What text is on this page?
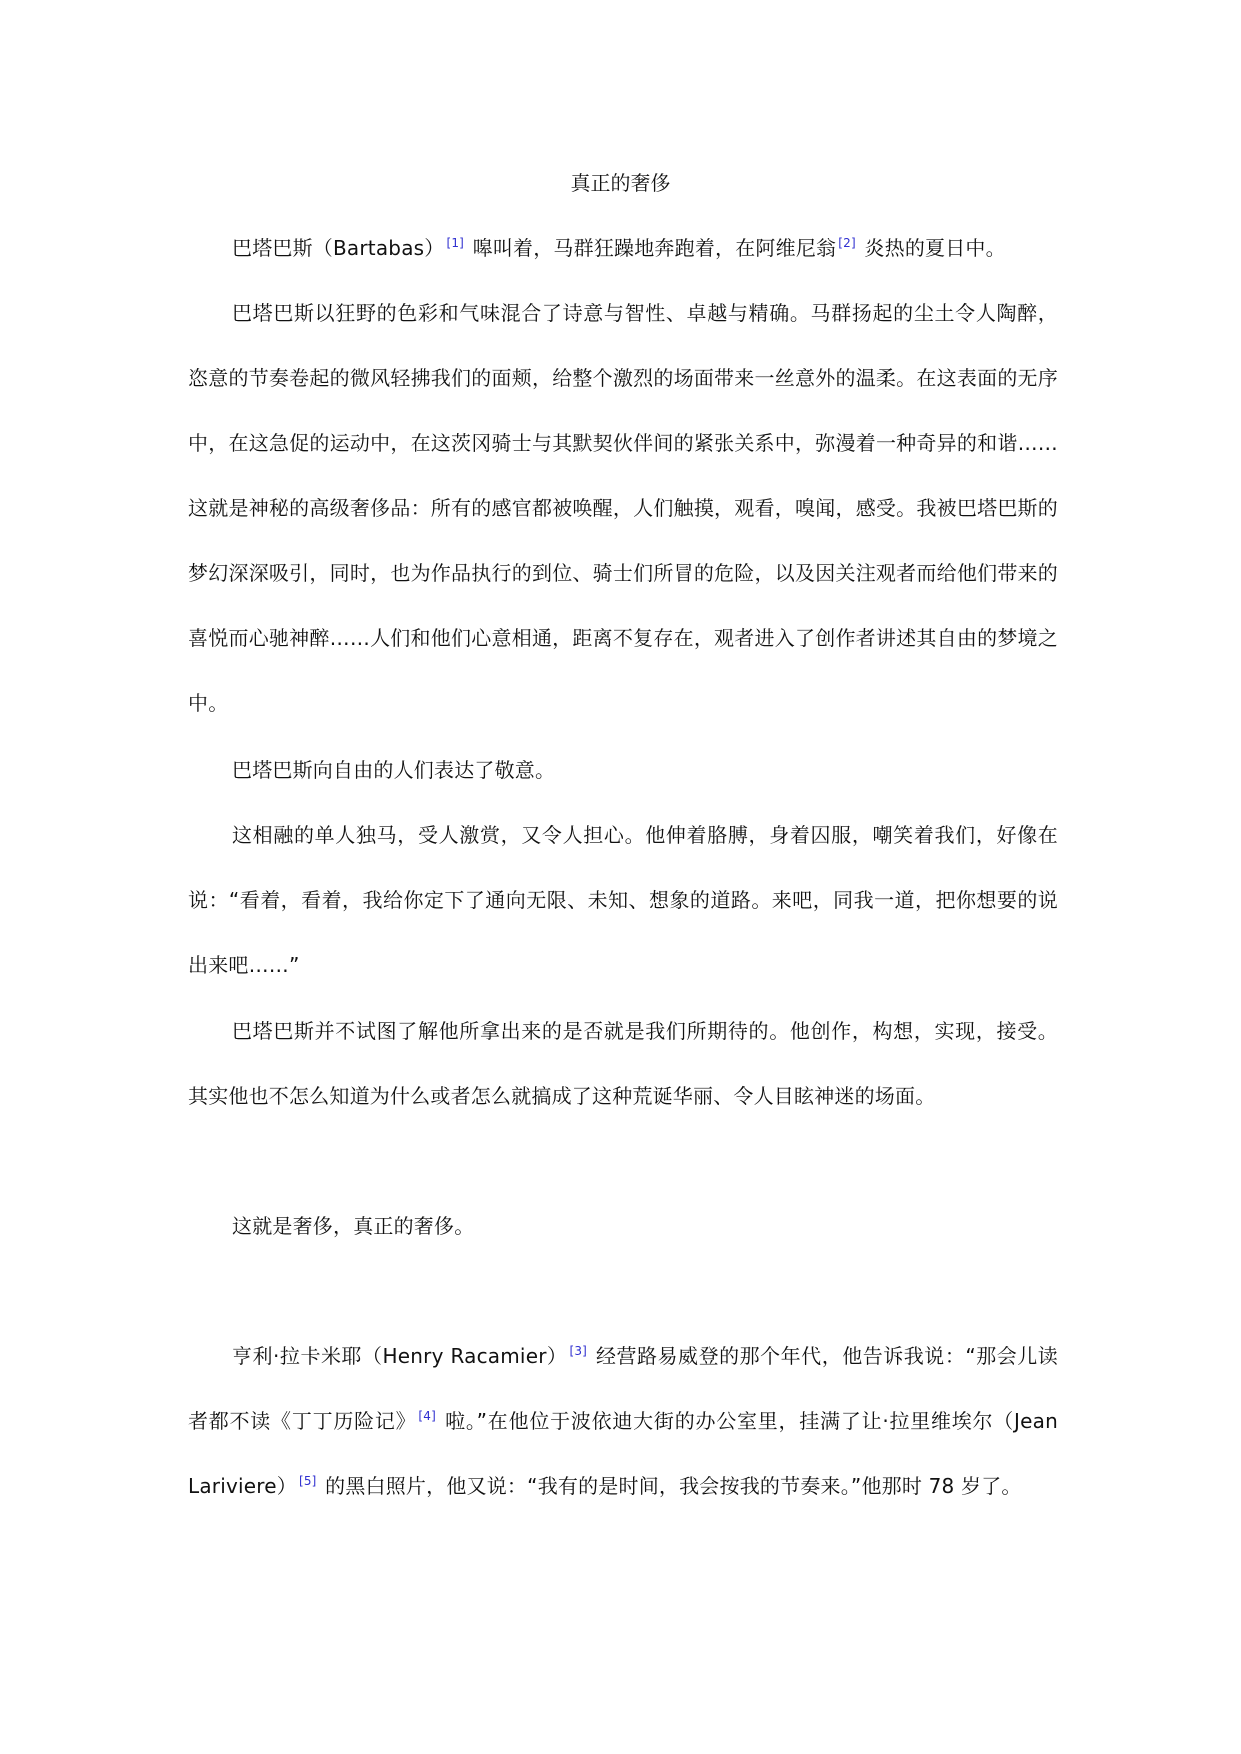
真正的奢侈

巴塔巴斯（Bartabas） [1] 嗥叫着，马群狂躁地奔跑着，在阿维尼翁 [2] 炎热的夏日中。

巴塔巴斯以狂野的色彩和气味混合了诗意与智性、卓越与精确。马群扬起的尘土令人陶醉，恣意的节奏卷起的微风轻拂我们的面颊，给整个激烈的场面带来一丝意外的温柔。在这表面的无序中，在这急促的运动中，在这茨冈骑士与其默契伙伴间的紧张关系中，弥漫着一种奇异的和谐……这就是神秘的高级奢侈品：所有的感官都被唤醒，人们触摸，观看，嗅闻，感受。我被巴塔巴斯的梦幻深深吸引，同时，也为作品执行的到位、骑士们所冒的危险，以及因关注观者而给他们带来的喜悦而心驰神醉……人们和他们心意相通，距离不复存在，观者进入了创作者讲述其自由的梦境之中。

巴塔巴斯向自由的人们表达了敬意。

这相融的单人独马，受人激赏，又令人担心。他伸着胳膊，身着囚服，嘲笑着我们，好像在说：“看着，看着，我给你定下了通向无限、未知、想象的道路。来吧，同我一道，把你想要的说出来吧……”

巴塔巴斯并不试图了解他所拿出来的是否就是我们所期待的。他创作，构想，实现，接受。其实他也不怎么知道为什么或者怎么就搞成了这种荒诞华丽、令人目眩神迷的场面。

这就是奢侈，真正的奢侈。

亨利·拉卡米耶（Henry Racamier） [3] 经营路易威登的那个年代，他告诉我说：“那会儿读者都不读《丁丁历险记》 [4] 啦。”在他位于波依迪大街的办公室里，挂满了让·拉里维埃尔（Jean Lariviere） [5] 的黑白照片，他又说：“我有的是时间，我会按我的节奏来。”他那时 78 岁了。
